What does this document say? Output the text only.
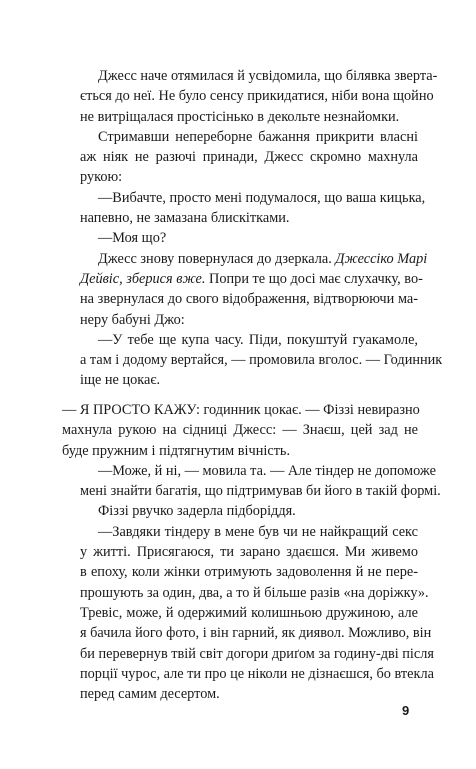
Джесс наче отямилася й усвідомила, що білявка зверта-
ється до неї. Не було сенсу прикидатися, ніби вона щойно
не витріщалася простісінько в декольте незнайомки.
Стримавши непереборне бажання прикрити власні
аж ніяк не разючі принади, Джесс скромно махнула
рукою:
—Вибачте, просто мені подумалося, що ваша кицька,
напевно, не замазана блискітками.
—Моя що?
Джесс знову повернулася до дзеркала. Джессіко Марі
Дейвіс, зберися вже. Попри те що досі має слухачку, во-
на звернулася до свого відображення, відтворюючи ма-
неру бабуні Джо:
—У тебе ще купа часу. Піди, покуштуй гуакамоле,
а там і додому вертайся, — промовила вголос. — Годинник
іще не цокає.
— Я ПРОСТО КАЖУ: годинник цокає. — Фіззі невиразно
махнула рукою на сідниці Джесс: — Знаєш, цей зад не
буде пружним і підтягнутим вічність.
—Може, й ні, — мовила та. — Але тіндер не допоможе
мені знайти багатія, що підтримував би його в такій формі.
Фіззі рвучко задерла підборіддя.
—Завдяки тіндеру в мене був чи не найкращий секс
у житті. Присягаюся, ти зарано здаєшся. Ми живемо
в епоху, коли жінки отримують задоволення й не пере-
прошують за один, два, а то й більше разів «на доріжку».
Тревіс, може, й одержимий колишньою дружиною, але
я бачила його фото, і він гарний, як диявол. Можливо, він
би перевернув твій світ догори дриґом за годину-дві після
порції чурос, але ти про це ніколи не дізнаєшся, бо втекла
перед самим десертом.
9
